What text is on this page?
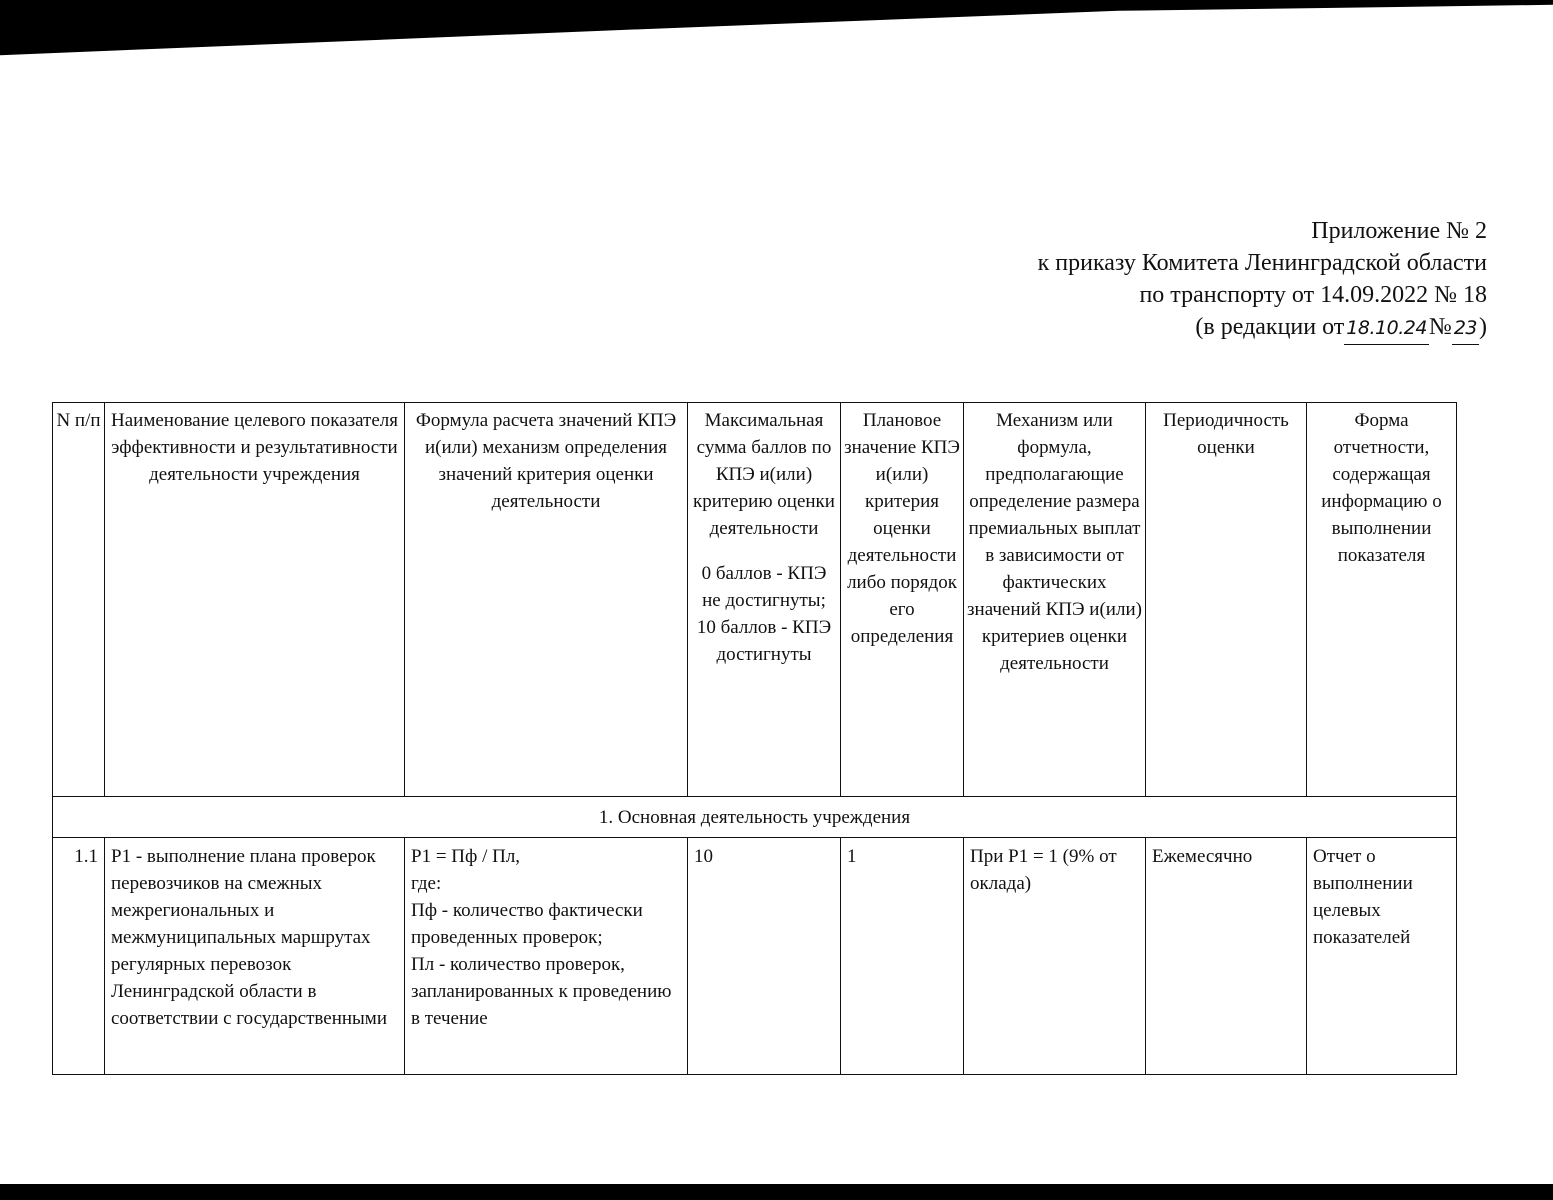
Приложение № 2
к приказу Комитета Ленинградской области
по транспорту от 14.09.2022 № 18
(в редакции от 18.10.24№ 23)
N п/п	Наименование целевого показателя эффективности и результативности деятельности учреждения	Формула расчета значений КПЭ и(или) механизм определения значений критерия оценки деятельности	Максимальная сумма баллов по КПЭ и(или) критерию оценки деятельности
0 баллов - КПЭ не достигнуты;
10 баллов - КПЭ достигнуты	Плановое значение КПЭ и(или) критерия оценки деятельности либо порядок его определения	Механизм или формула, предполагающие определение размера премиальных выплат в зависимости от фактических значений КПЭ и(или) критериев оценки деятельности	Периодичность оценки	Форма отчетности, содержащая информацию о выполнении показателя
1. Основная деятельность учреждения							
1.1	Р1 - выполнение плана проверок перевозчиков на смежных межрегиональных и межмуниципальных маршрутах регулярных перевозок Ленинградской области в соответствии с государственными	Р1 = Пф / Пл,
где:
Пф - количество фактически проведенных проверок;
Пл - количество проверок, запланированных к проведению в течение	10	1	При Р1 = 1 (9% от оклада)	Ежемесячно	Отчет о выполнении целевых показателей
